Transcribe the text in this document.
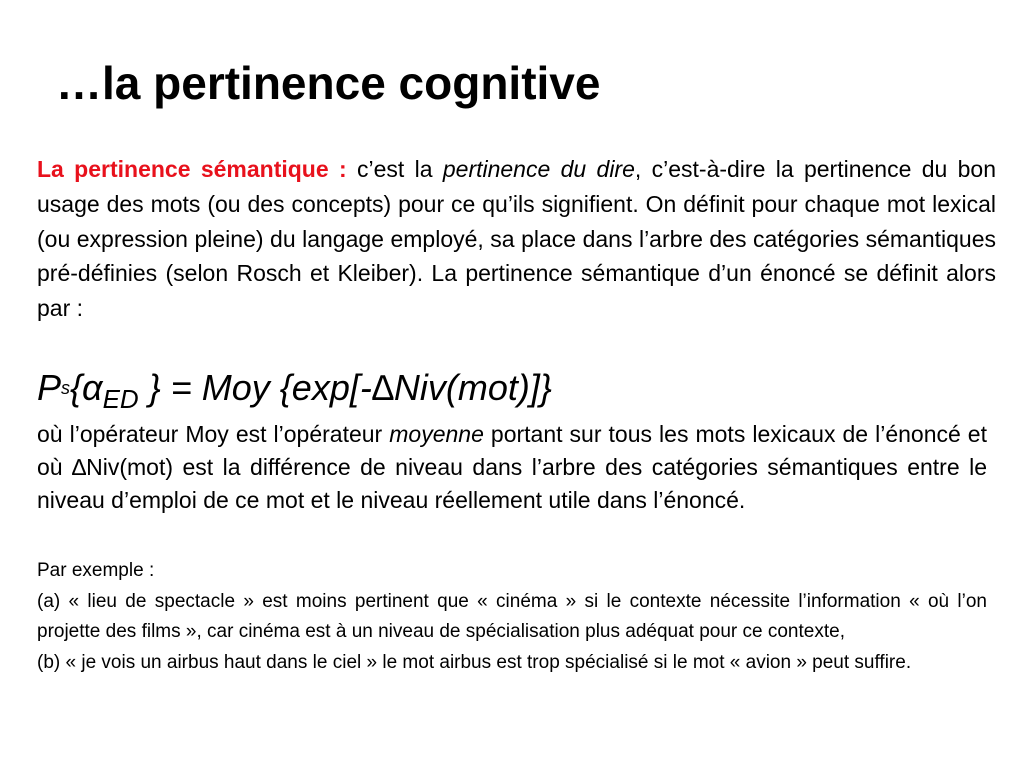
…la pertinence cognitive

La pertinence sémantique : c’est la pertinence du dire, c’est-à-dire la pertinence du bon usage des mots (ou des concepts) pour ce qu’ils signifient. On définit pour chaque mot lexical (ou expression pleine) du langage employé, sa place dans l’arbre des catégories sémantiques pré-définies (selon Rosch et Kleiber). La pertinence sémantique d’un énoncé se définit alors par :

$Ps\{\alpha_{ED}$ } = Moy {exp[-∆Niv(mot)]}

où l’opérateur Moy est l’opérateur moyenne portant sur tous les mots lexicaux de l’énoncé et où ∆Niv(mot) est la différence de niveau dans l’arbre des catégories sémantiques entre le niveau d’emploi de ce mot et le niveau réellement utile dans l’énoncé.

Par exemple :
(a) « lieu de spectacle » est moins pertinent que « cinéma » si le contexte nécessite l’information « où l’on projette des films », car cinéma est à un niveau de spécialisation plus adéquat pour ce contexte,
(b) « je vois un airbus haut dans le ciel » le mot airbus est trop spécialisé si le mot « avion » peut suffire.
